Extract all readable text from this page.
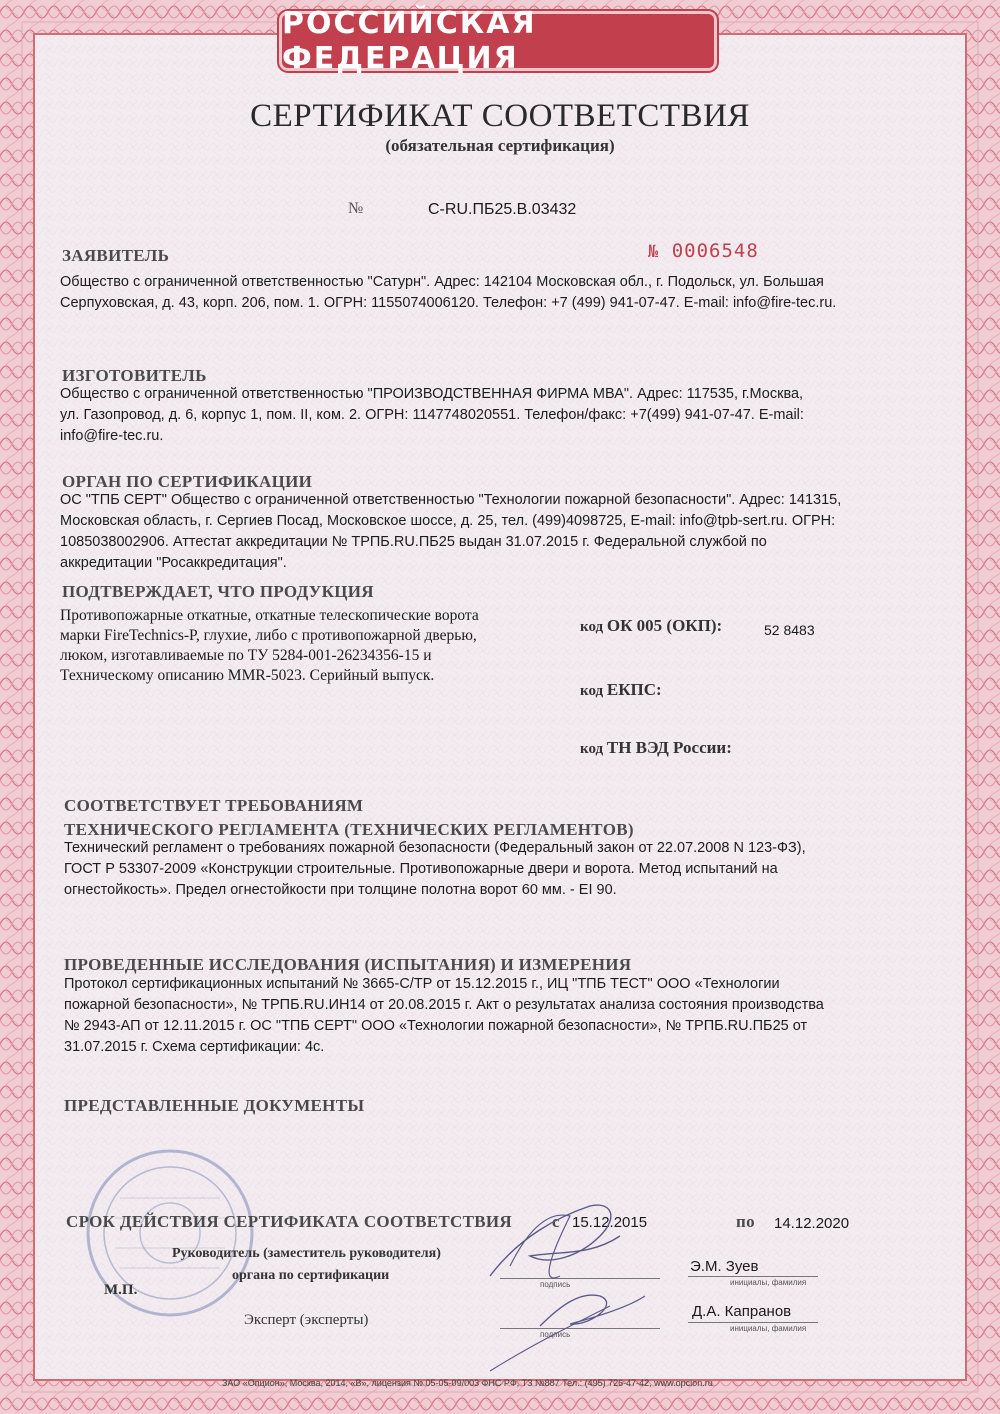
РОССИЙСКАЯ ФЕДЕРАЦИЯ
СЕРТИФИКАТ СООТВЕТСТВИЯ
(обязательная сертификация)
№	С-RU.ПБ25.В.03432
№ 0006548
ЗАЯВИТЕЛЬ
Общество с ограниченной ответственностью "Сатурн". Адрес: 142104 Московская обл., г. Подольск, ул. Большая
Серпуховская, д. 43, корп. 206, пом. 1. ОГРН: 1155074006120. Телефон: +7 (499) 941-07-47. E-mail: info@fire-tec.ru.
ИЗГОТОВИТЕЛЬ
Общество с ограниченной ответственностью "ПРОИЗВОДСТВЕННАЯ ФИРМА МВА". Адрес: 117535, г.Москва,
ул. Газопровод, д. 6, корпус 1, пом. II, ком. 2. ОГРН: 1147748020551. Телефон/факс: +7(499) 941-07-47. E-mail:
info@fire-tec.ru.
ОРГАН ПО СЕРТИФИКАЦИИ
ОС "ТПБ СЕРТ" Общество с ограниченной ответственностью "Технологии пожарной безопасности". Адрес: 141315,
Московская область, г. Сергиев Посад, Московское шоссе, д. 25, тел. (499)4098725, E-mail: info@tpb-sert.ru. ОГРН:
1085038002906. Аттестат аккредитации № ТРПБ.RU.ПБ25 выдан 31.07.2015 г. Федеральной службой по
аккредитации "Росаккредитация".
ПОДТВЕРЖДАЕТ, ЧТО ПРОДУКЦИЯ
Противопожарные откатные, откатные телескопические ворота
марки FireTechnics-P, глухие, либо с противопожарной дверью,
люком, изготавливаемые по ТУ 5284-001-26234356-15 и
Техническому описанию MMR-5023. Серийный выпуск.
код ОК 005 (ОКП):	52 8483
код ЕКПС:
код ТН ВЭД России:
СООТВЕТСТВУЕТ ТРЕБОВАНИЯМ
ТЕХНИЧЕСКОГО РЕГЛАМЕНТА (ТЕХНИЧЕСКИХ РЕГЛАМЕНТОВ)
Технический регламент о требованиях пожарной безопасности (Федеральный закон от 22.07.2008 N 123-ФЗ),
ГОСТ Р 53307-2009 «Конструкции строительные. Противопожарные двери и ворота. Метод испытаний на
огнестойкость». Предел огнестойкости при толщине полотна ворот 60 мм. - EI 90.
ПРОВЕДЕННЫЕ ИССЛЕДОВАНИЯ (ИСПЫТАНИЯ) И ИЗМЕРЕНИЯ
Протокол сертификационных испытаний № 3665-С/ТР от 15.12.2015 г., ИЦ "ТПБ ТЕСТ" ООО «Технологии
пожарной безопасности», № ТРПБ.RU.ИН14 от 20.08.2015 г. Акт о результатах анализа состояния производства
№ 2943-АП от 12.11.2015 г. ОС "ТПБ СЕРТ" ООО «Технологии пожарной безопасности», № ТРПБ.RU.ПБ25 от
31.07.2015 г. Схема сертификации: 4с.
ПРЕДСТАВЛЕННЫЕ ДОКУМЕНТЫ
СРОК ДЕЙСТВИЯ СЕРТИФИКАТА СООТВЕТСТВИЯ с 15.12.2015	по 14.12.2020
Руководитель (заместитель руководителя)
органа по сертификации
М.П.	подпись
Э.М. Зуев
инициалы, фамилия
Эксперт (эксперты)
подпись
Д.А. Капранов
инициалы, фамилия
ЗАО «Опцион», Москва, 2014, «В», лицензия № 05-05-09/003 ФНС РФ, ТЗ №887 Тел.: (495) 726-47-42, www.opcion.ru
